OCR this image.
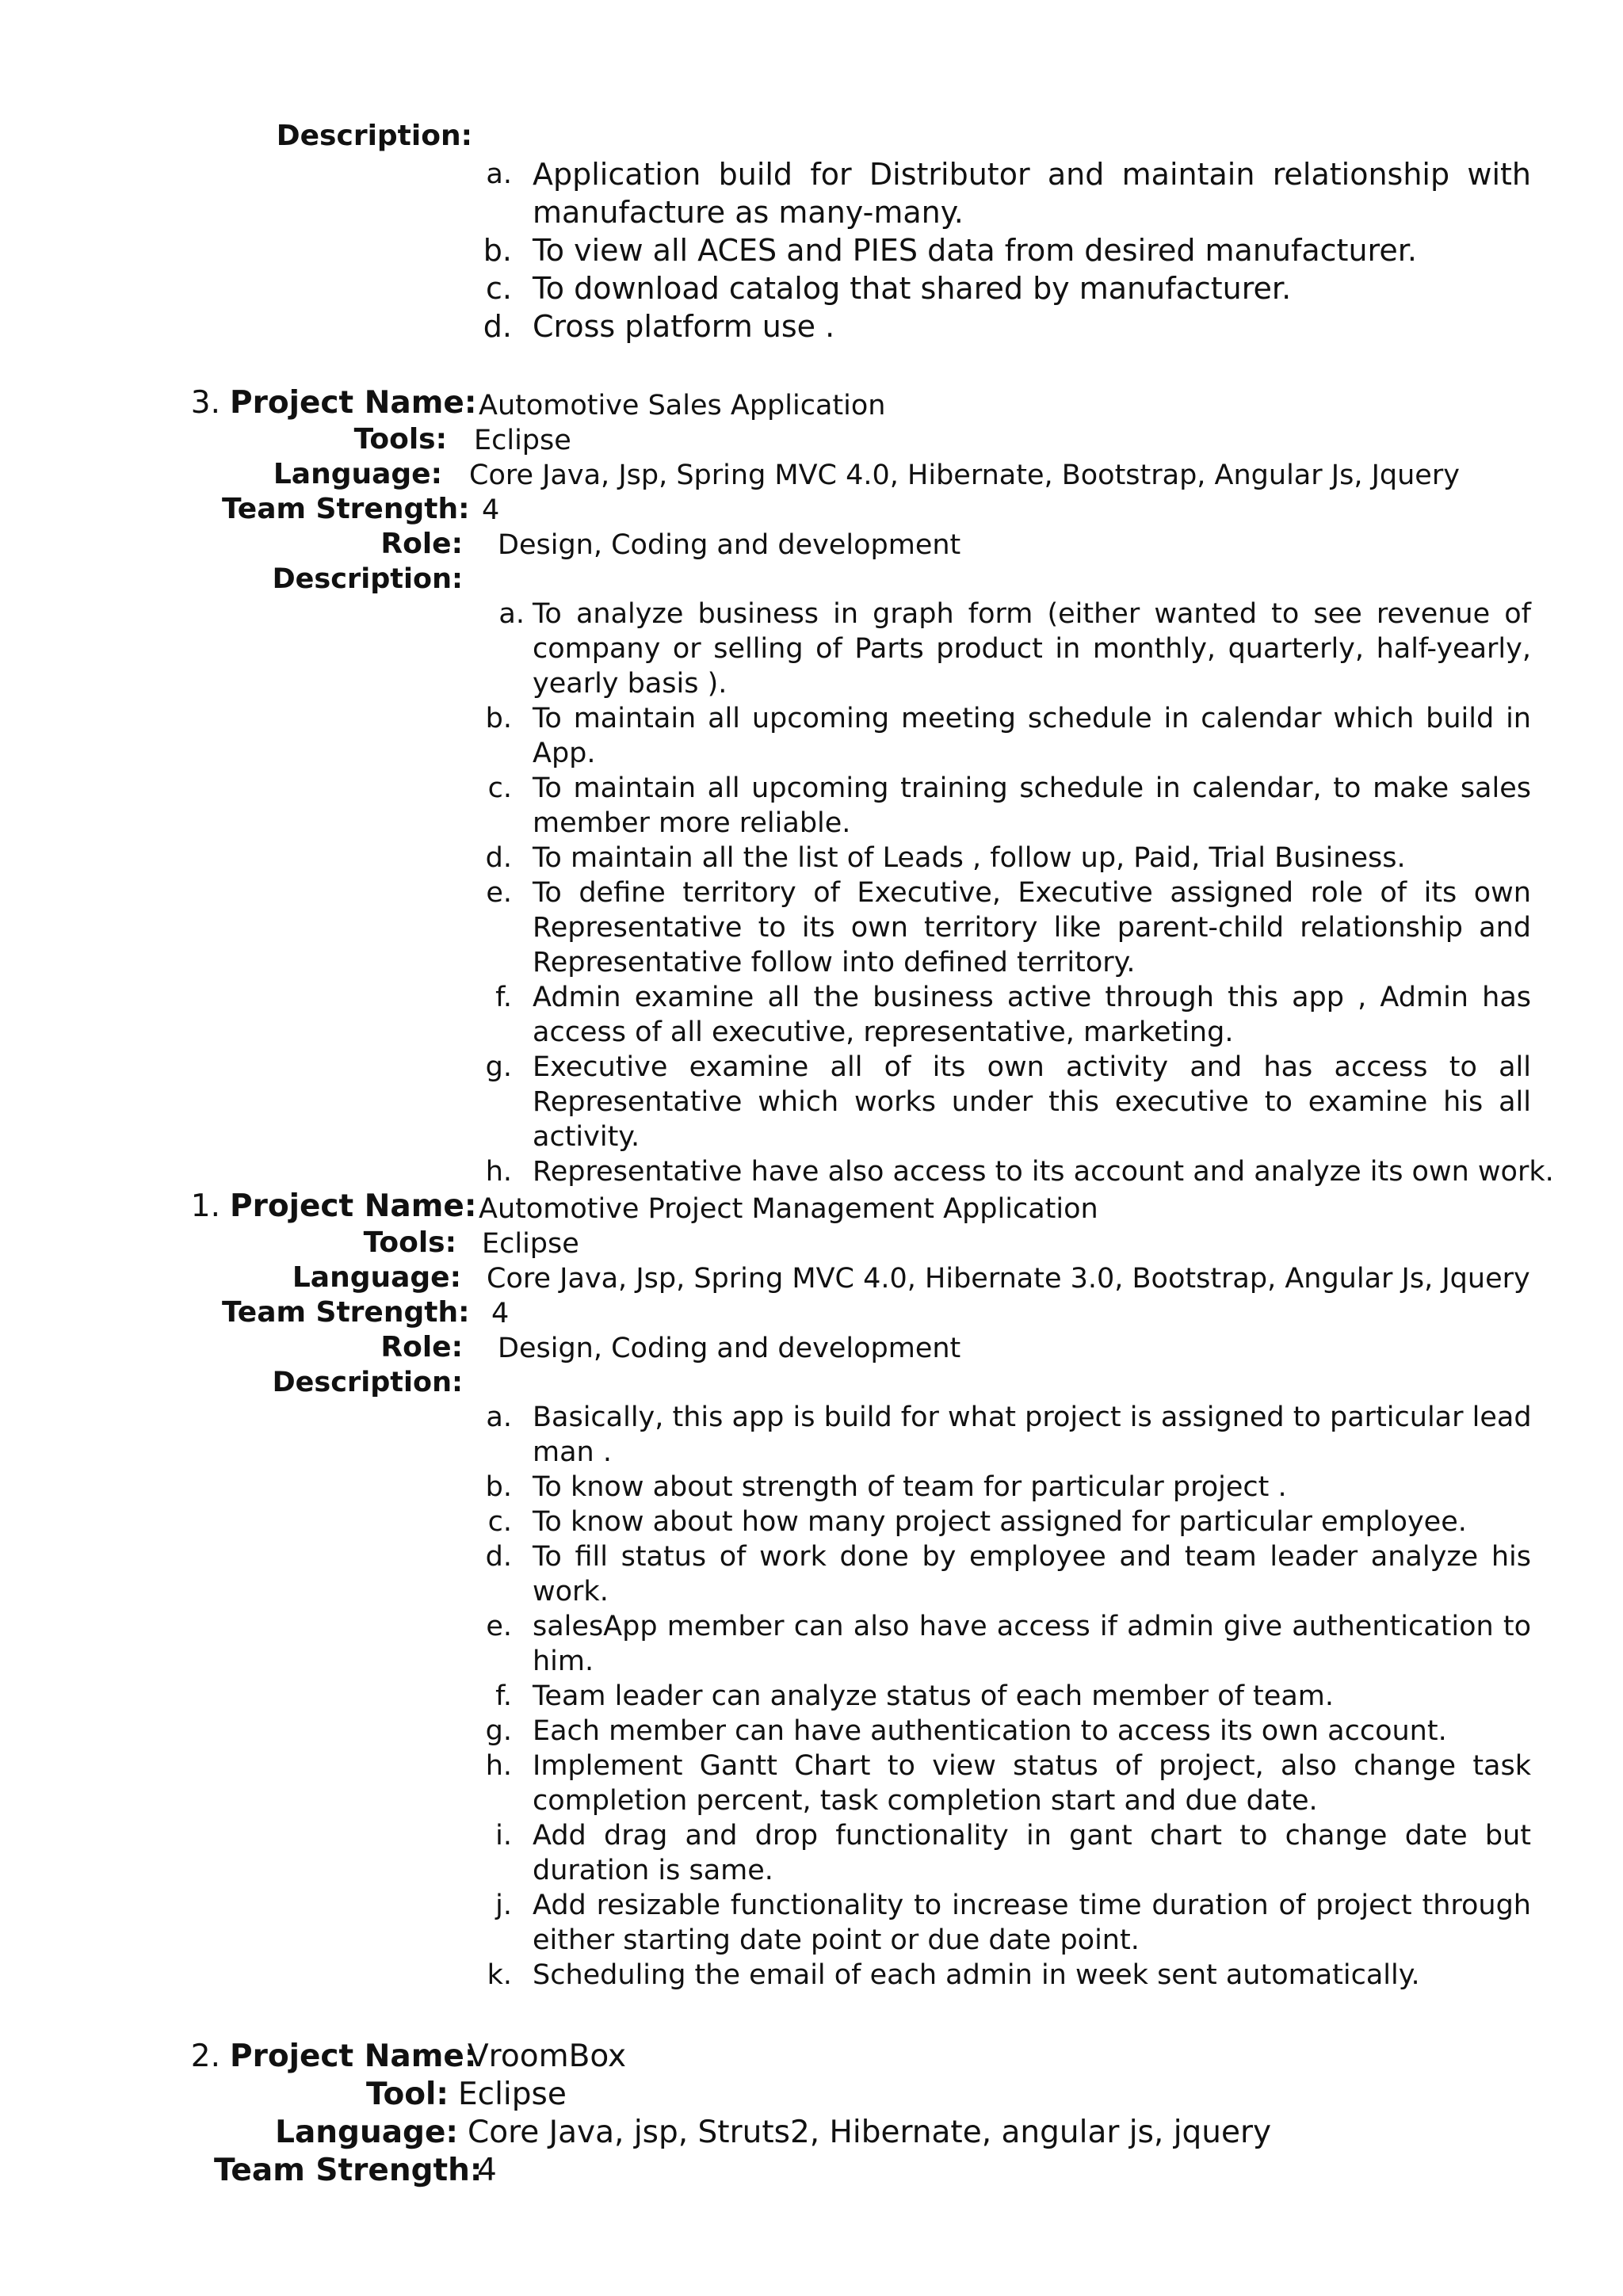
Description:
a. Application build for Distributor and maintain relationship with
manufacture as many-many.
b. To view all ACES and PIES data from desired manufacturer.
c. To download catalog that shared by manufacturer.
d. Cross platform use .
3. Project Name: Automotive Sales Application
Tools: Eclipse
Language: Core Java, Jsp, Spring MVC 4.0, Hibernate, Bootstrap, Angular Js, Jquery
Team Strength: 4
Role: Design, Coding and development
Description:
a. To analyze business in graph form (either wanted to see revenue of
company or selling of Parts product in monthly, quarterly, half-yearly,
yearly basis ).
b. To maintain all upcoming meeting schedule in calendar which build in
App.
c. To maintain all upcoming training schedule in calendar, to make sales
member more reliable.
d. To maintain all the list of Leads , follow up, Paid, Trial Business.
e. To define territory of Executive, Executive assigned role of its own
Representative to its own territory like parent-child relationship and
Representative follow into defined territory.
f. Admin examine all the business active through this app , Admin has
access of all executive, representative, marketing.
g. Executive examine all of its own activity and has access to all
Representative which works under this executive to examine his all
activity.
h. Representative have also access to its account and analyze its own work.
1. Project Name: Automotive Project Management Application
Tools: Eclipse
Language: Core Java, Jsp, Spring MVC 4.0, Hibernate 3.0, Bootstrap, Angular Js, Jquery
Team Strength: 4
Role: Design, Coding and development
Description:
a. Basically, this app is build for what project is assigned to particular lead
man .
b. To know about strength of team for particular project .
c. To know about how many project assigned for particular employee.
d. To fill status of work done by employee and team leader analyze his
work.
e. salesApp member can also have access if admin give authentication to
him.
f. Team leader can analyze status of each member of team.
g. Each member can have authentication to access its own account.
h. Implement Gantt Chart to view status of project, also change task
completion percent, task completion start and due date.
i. Add drag and drop functionality in gant chart to change date but
duration is same.
j. Add resizable functionality to increase time duration of project through
either starting date point or due date point.
k. Scheduling the email of each admin in week sent automatically.
2. Project Name:
VroomBox
Tool: Eclipse
Language: Core Java, jsp, Struts2, Hibernate, angular js, jquery
Team Strength:
4
